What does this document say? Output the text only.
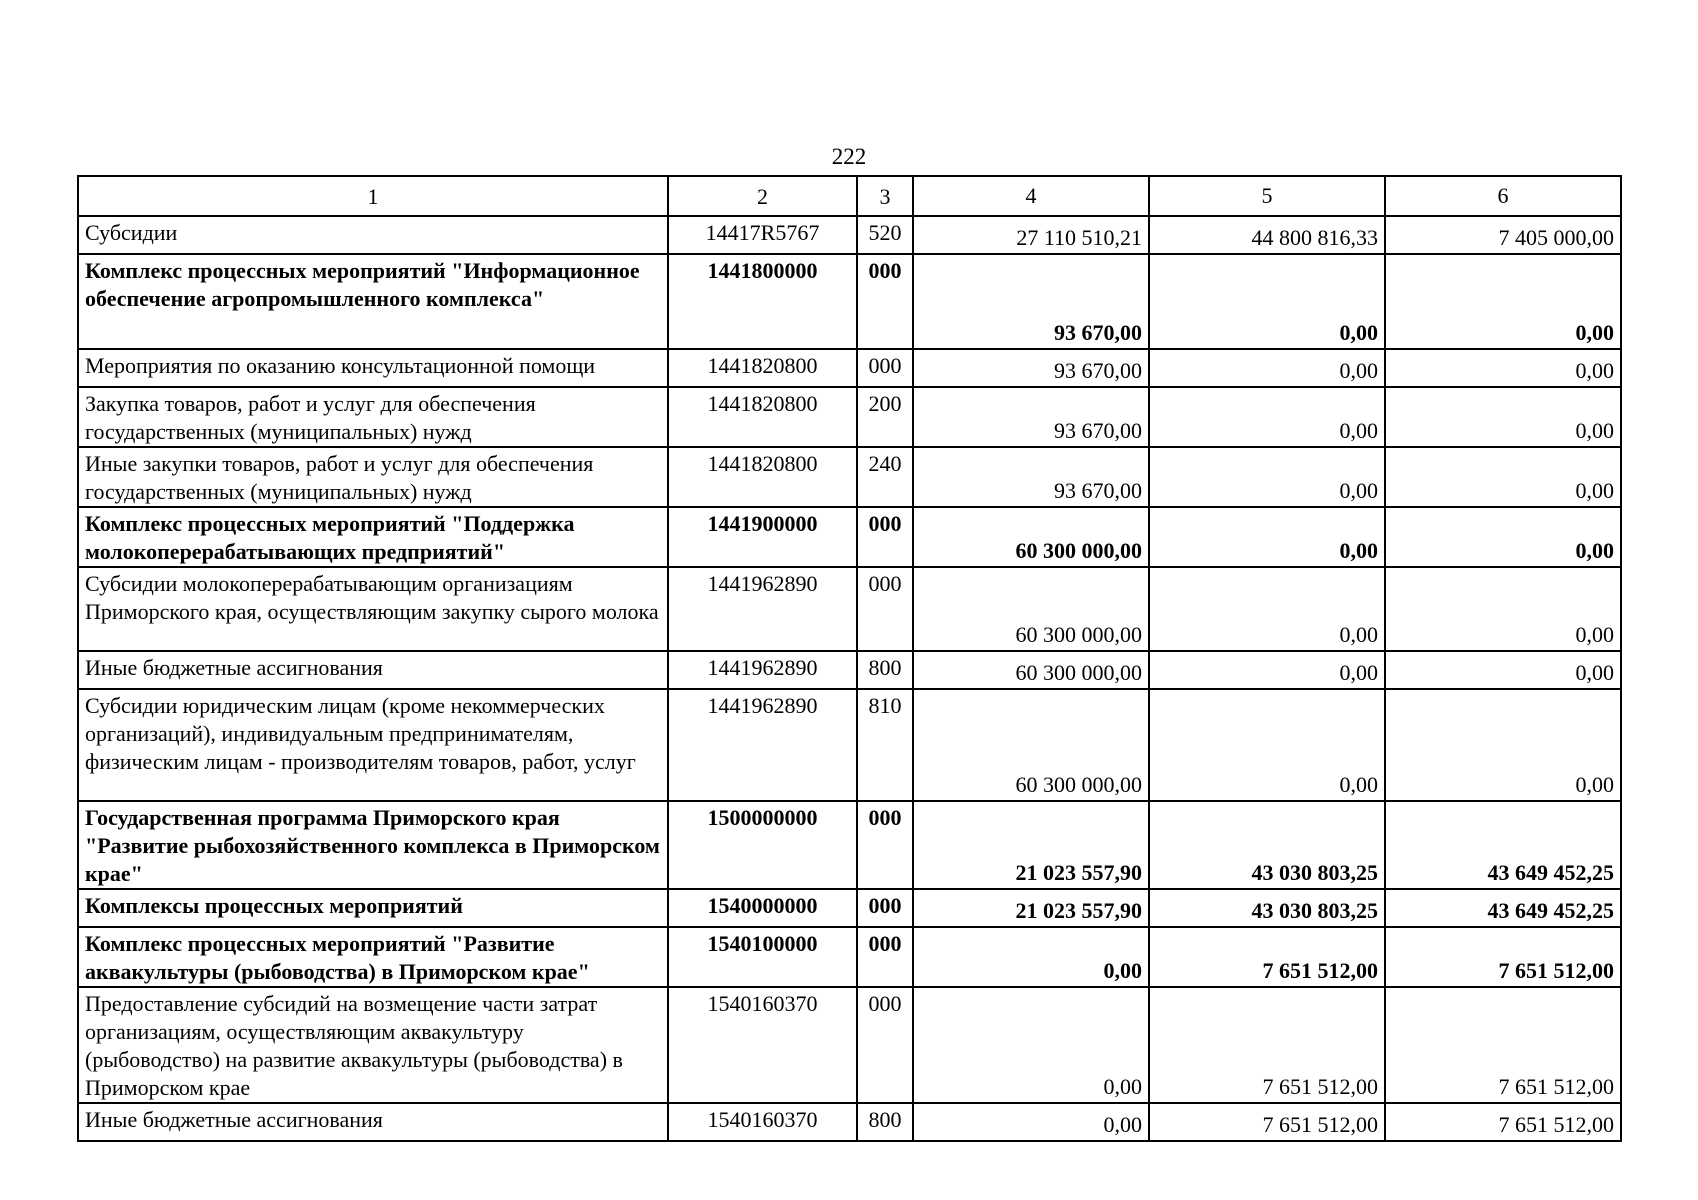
222
1	2	3	4	5	6
Субсидии	14417R5767	520	27 110 510,21	44 800 816,33	7 405 000,00
Комплекс процессных мероприятий "Информационное обеспечение агропромышленного комплекса"	1441800000	000	93 670,00	0,00	0,00
Мероприятия по оказанию консультационной помощи	1441820800	000	93 670,00	0,00	0,00
Закупка товаров, работ и услуг для обеспечения государственных (муниципальных) нужд	1441820800	200	93 670,00	0,00	0,00
Иные закупки товаров, работ и услуг для обеспечения государственных (муниципальных) нужд	1441820800	240	93 670,00	0,00	0,00
Комплекс процессных мероприятий "Поддержка молокоперерабатывающих предприятий"	1441900000	000	60 300 000,00	0,00	0,00
Субсидии молокоперерабатывающим организациям Приморского края, осуществляющим закупку сырого молока	1441962890	000	60 300 000,00	0,00	0,00
Иные бюджетные ассигнования	1441962890	800	60 300 000,00	0,00	0,00
Субсидии юридическим лицам (кроме некоммерческих организаций), индивидуальным предпринимателям, физическим лицам - производителям товаров, работ, услуг	1441962890	810	60 300 000,00	0,00	0,00
Государственная программа Приморского края "Развитие рыбохозяйственного комплекса в Приморском крае"	1500000000	000	21 023 557,90	43 030 803,25	43 649 452,25
Комплексы процессных мероприятий	1540000000	000	21 023 557,90	43 030 803,25	43 649 452,25
Комплекс процессных мероприятий "Развитие аквакультуры (рыбоводства) в Приморском крае"	1540100000	000	0,00	7 651 512,00	7 651 512,00
Предоставление субсидий на возмещение части затрат организациям, осуществляющим аквакультуру (рыбоводство) на развитие аквакультуры (рыбоводства) в Приморском крае	1540160370	000	0,00	7 651 512,00	7 651 512,00
Иные бюджетные ассигнования	1540160370	800	0,00	7 651 512,00	7 651 512,00
